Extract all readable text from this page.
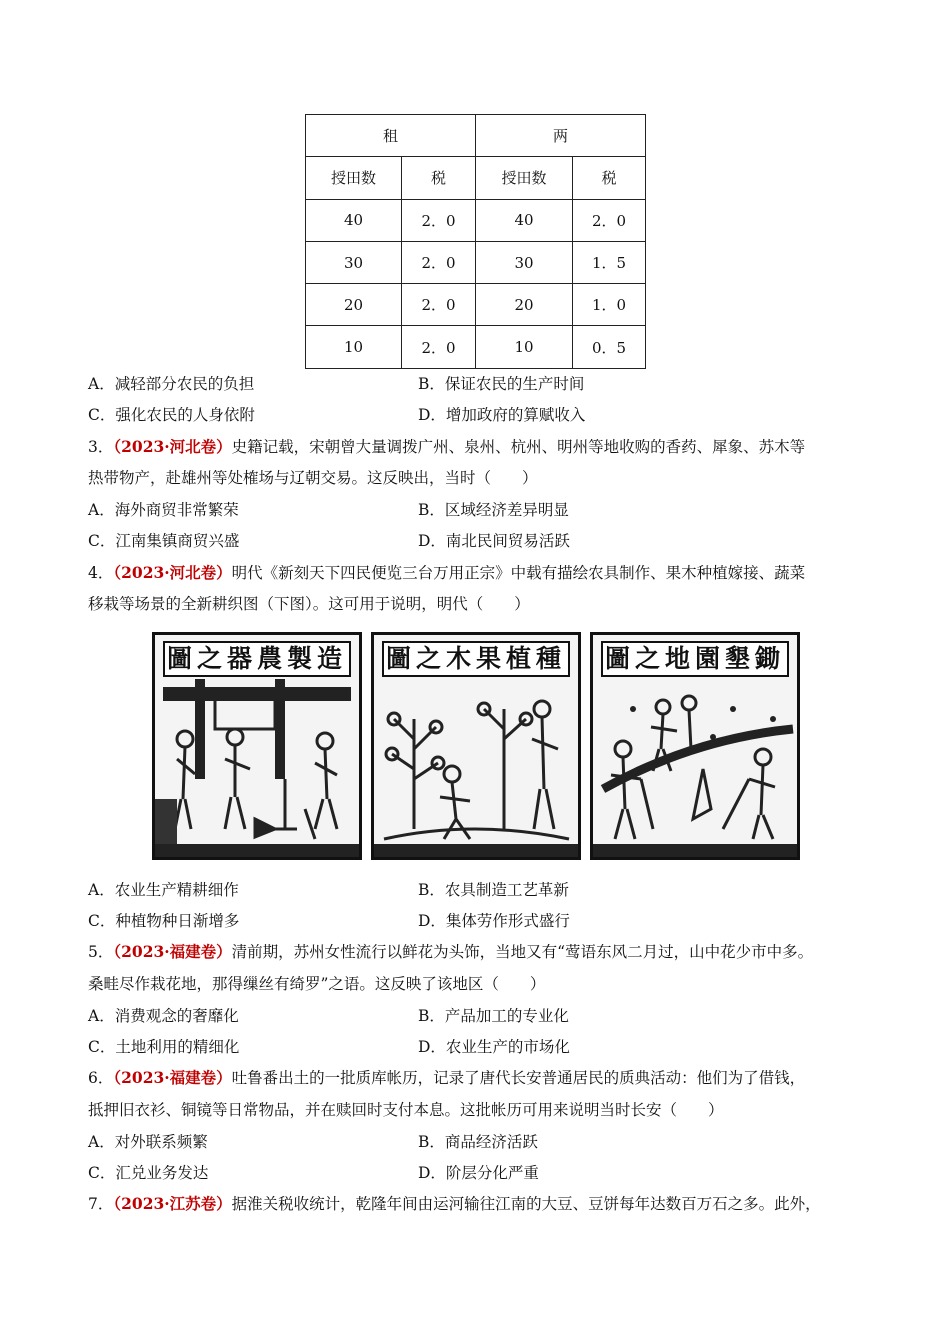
租		两	
授田数	税	授田数	税
40	2．0	40	2．0
30	2．0	30	1．5
20	2．0	20	1．0
10	2．0	10	0．5
A．减轻部分农民的负担	B．保证农民的生产时间
C．强化农民的人身依附	D．增加政府的算赋收入
3．（2023·河北卷）史籍记载，宋朝曾大量调拨广州、泉州、杭州、明州等地收购的香药、犀象、苏木等
热带物产，赴雄州等处榷场与辽朝交易。这反映出，当时（　　）
A．海外商贸非常繁荣	B．区域经济差异明显
C．江南集镇商贸兴盛	D．南北民间贸易活跃
4．（2023·河北卷）明代《新刻天下四民便览三台万用正宗》中载有描绘农具制作、果木种植嫁接、蔬菜
移栽等场景的全新耕织图（下图）。这可用于说明，明代（　　）
圖之器農製造 圖之木果植種 圖之地園墾鋤
A．农业生产精耕细作	B．农具制造工艺革新
C．种植物种日渐增多	D．集体劳作形式盛行
5．（2023·福建卷）清前期，苏州女性流行以鲜花为头饰，当地又有“莺语东风二月过，山中花少市中多。
桑畦尽作栽花地，那得缫丝有绮罗”之语。这反映了该地区（　　）
A．消费观念的奢靡化	B．产品加工的专业化
C．土地利用的精细化	D．农业生产的市场化
6．（2023·福建卷）吐鲁番出土的一批质库帐历，记录了唐代长安普通居民的质典活动：他们为了借钱，
抵押旧衣衫、铜镜等日常物品，并在赎回时支付本息。这批帐历可用来说明当时长安（　　）
A．对外联系频繁	B．商品经济活跃
C．汇兑业务发达	D．阶层分化严重
7．（2023·江苏卷）据淮关税收统计，乾隆年间由运河输往江南的大豆、豆饼每年达数百万石之多。此外，
